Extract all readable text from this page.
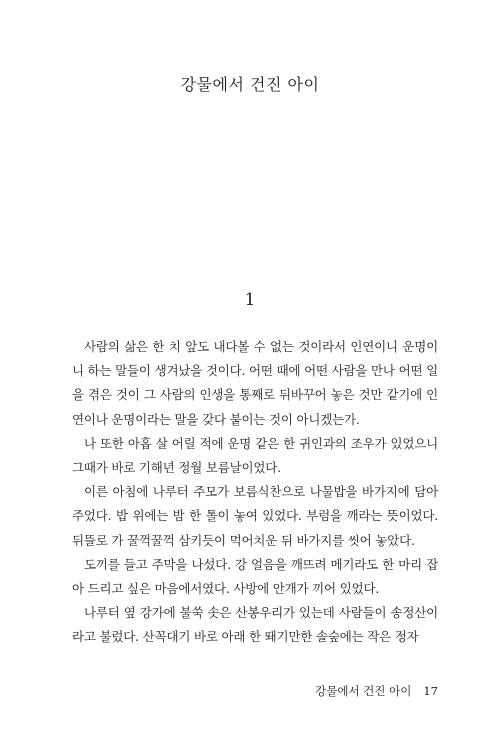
강물에서 건진 아이
1

사람의 삶은 한 치 앞도 내다볼 수 없는 것이라서 인연이니 운명이니 하는 말들이 생겨났을 것이다. 어떤 때에 어떤 사람을 만나 어떤 일을 겪은 것이 그 사람의 인생을 통째로 뒤바꾸어 놓은 것만 같기에 인연이나 운명이라는 말을 갖다 붙이는 것이 아니겠는가.

나 또한 아홉 살 어릴 적에 운명 같은 한 귀인과의 조우가 있었으니 그때가 바로 기해년 정월 보름날이었다.

이른 아침에 나루터 주모가 보름식찬으로 나물밥을 바가지에 담아 주었다. 밥 위에는 밤 한 톨이 놓여 있었다. 부럼을 깨라는 뜻이었다. 뒤뜰로 가 꿀꺽꿀꺽 삼키듯이 먹어치운 뒤 바가지를 씻어 놓았다.

도끼를 들고 주막을 나섰다. 강 얼음을 깨뜨려 메기라도 한 마리 잡아 드리고 싶은 마음에서였다. 사방에 안개가 끼어 있었다.

나루터 옆 강가에 불쑥 솟은 산봉우리가 있는데 사람들이 송정산이라고 불렀다. 산꼭대기 바로 아래 한 뙈기만한 솔숲에는 작은 정자

강물에서 건진 아이 17
